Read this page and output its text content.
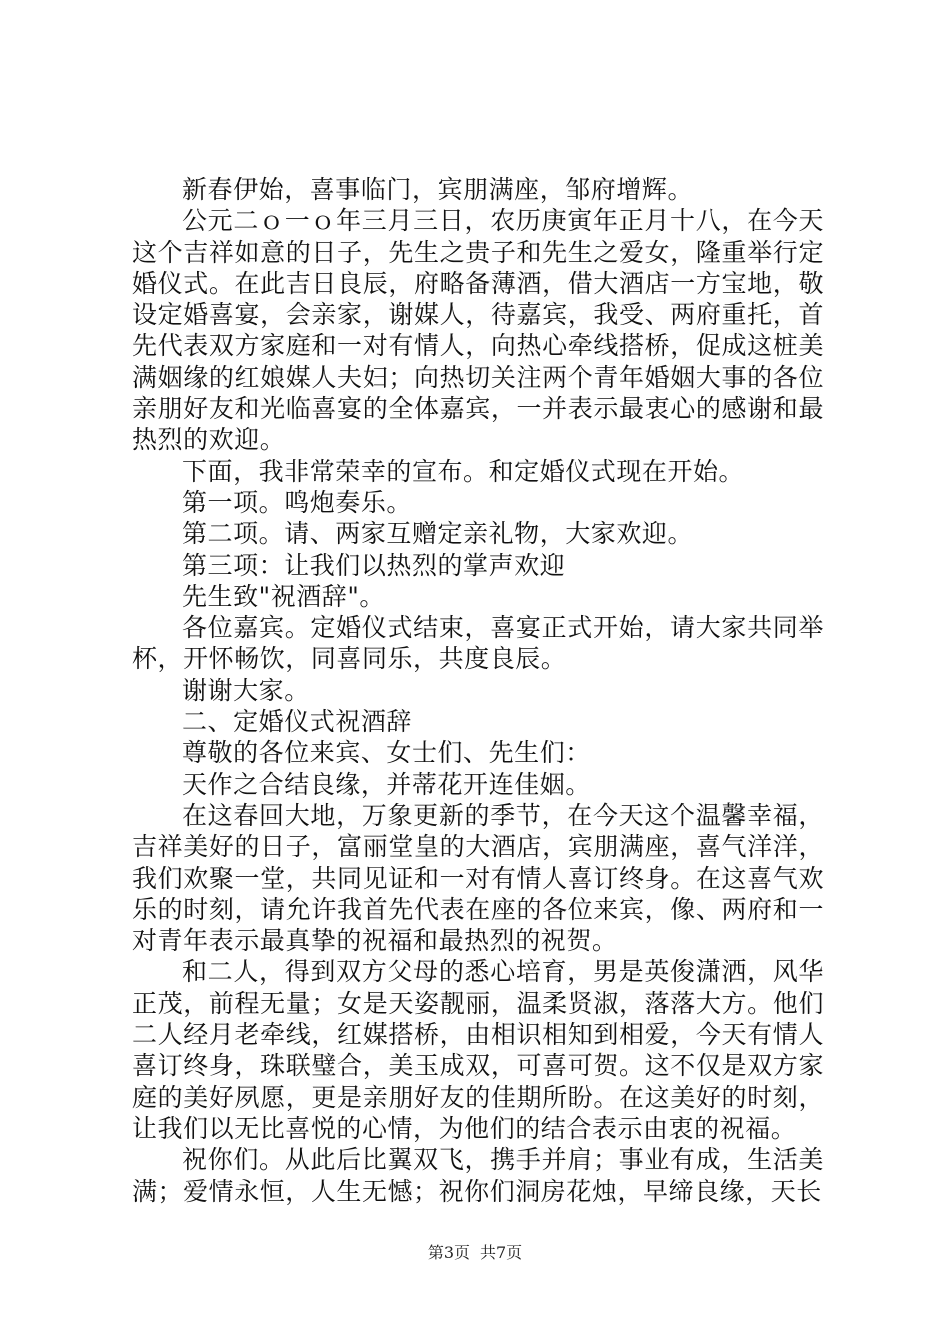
新春伊始，喜事临门，宾朋满座，邹府增辉。

公元二ｏ一ｏ年三月三日，农历庚寅年正月十八，在今天这个吉祥如意的日子，先生之贵子和先生之爱女，隆重举行定婚仪式。在此吉日良辰，府略备薄酒，借大酒店一方宝地，敬设定婚喜宴，会亲家，谢媒人，待嘉宾，我受、两府重托，首先代表双方家庭和一对有情人，向热心牵线搭桥，促成这桩美满姻缘的红娘媒人夫妇；向热切关注两个青年婚姻大事的各位亲朋好友和光临喜宴的全体嘉宾，一并表示最衷心的感谢和最热烈的欢迎。

下面，我非常荣幸的宣布。和定婚仪式现在开始。

第一项。鸣炮奏乐。

第二项。请、两家互赠定亲礼物，大家欢迎。

第三项：让我们以热烈的掌声欢迎

先生致"祝酒辞"。

各位嘉宾。定婚仪式结束，喜宴正式开始，请大家共同举杯，开怀畅饮，同喜同乐，共度良辰。

谢谢大家。

二、定婚仪式祝酒辞

尊敬的各位来宾、女士们、先生们：

天作之合结良缘，并蒂花开连佳姻。

在这春回大地，万象更新的季节，在今天这个温馨幸福，吉祥美好的日子，富丽堂皇的大酒店，宾朋满座，喜气洋洋，我们欢聚一堂，共同见证和一对有情人喜订终身。在这喜气欢乐的时刻，请允许我首先代表在座的各位来宾，像、两府和一对青年表示最真挚的祝福和最热烈的祝贺。

和二人，得到双方父母的悉心培育，男是英俊潇洒，风华正茂，前程无量；女是天姿靓丽，温柔贤淑，落落大方。他们二人经月老牵线，红媒搭桥，由相识相知到相爱，今天有情人喜订终身，珠联璧合，美玉成双，可喜可贺。这不仅是双方家庭的美好夙愿，更是亲朋好友的佳期所盼。在这美好的时刻，让我们以无比喜悦的心情，为他们的结合表示由衷的祝福。

祝你们。从此后比翼双飞，携手并肩；事业有成，生活美满；爱情永恒，人生无憾；祝你们洞房花烛，早缔良缘，天长

第3页 共7页
